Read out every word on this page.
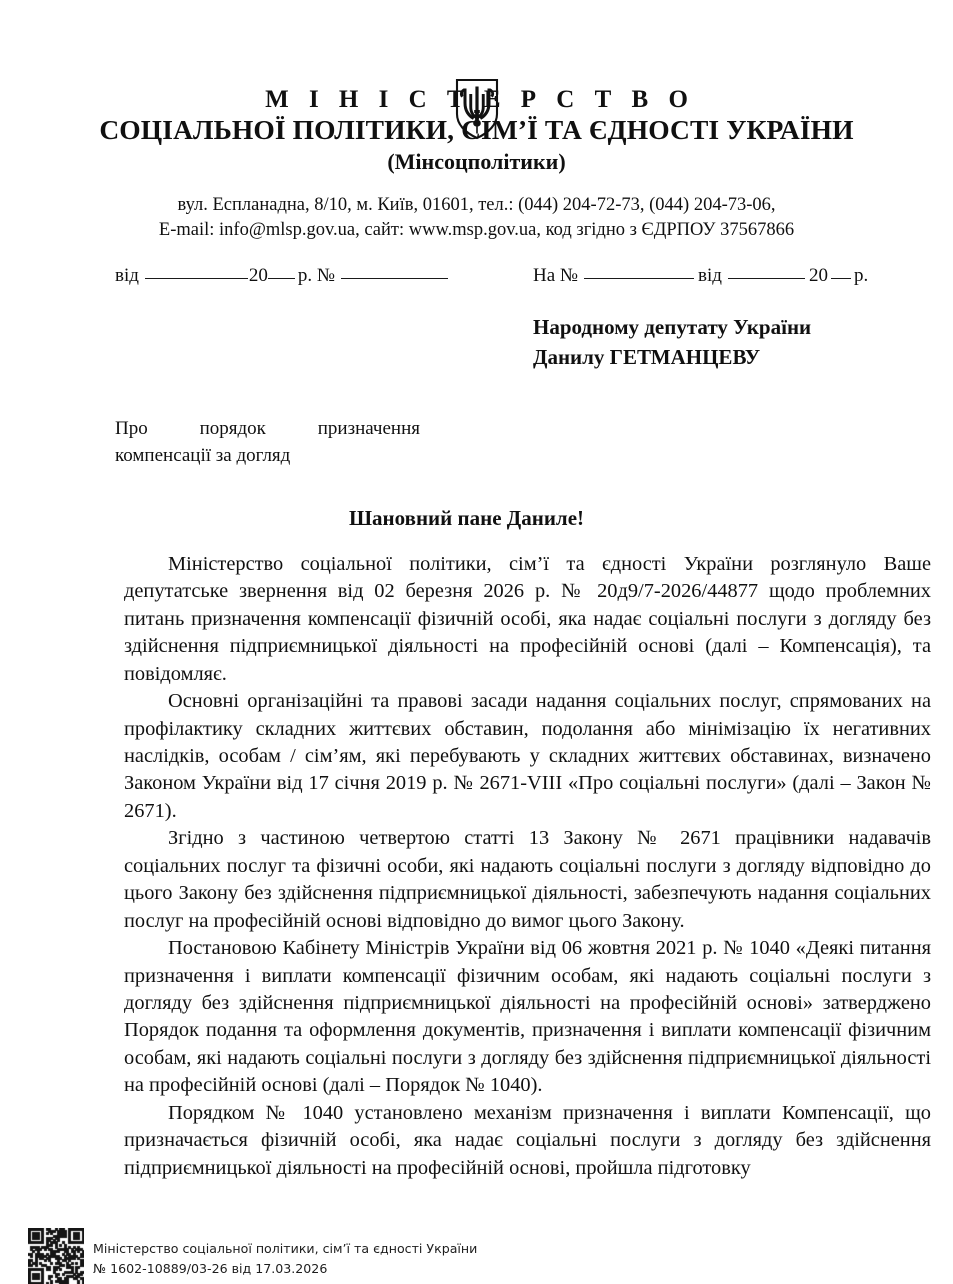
М І Н І С Т Е Р С Т В О
СОЦІАЛЬНОЇ ПОЛІТИКИ, СІМ’Ї ТА ЄДНОСТІ УКРАЇНИ
(Мінсоцполітики)
вул. Еспланадна, 8/10, м. Київ, 01601, тел.: (044) 204-72-73, (044) 204-73-06,
E-mail: info@mlsp.gov.ua, сайт: www.msp.gov.ua, код згідно з ЄДРПОУ 37567866
від	20 р. №	На №	від	20 р.
Народному депутату України
Данилу ГЕТМАНЦЕВУ
Про порядок призначення
компенсації за догляд
Шановний пане Даниле!

Міністерство соціальної політики, сім’ї та єдності України розглянуло Ваше депутатське звернення від 02 березня 2026 р. № 20д9/7-2026/44877 щодо проблемних питань призначення компенсації фізичній особі, яка надає соціальні послуги з догляду без здійснення підприємницької діяльності на професійній основі (далі – Компенсація), та повідомляє.

Основні організаційні та правові засади надання соціальних послуг, спрямованих на профілактику складних життєвих обставин, подолання або мінімізацію їх негативних наслідків, особам / сім’ям, які перебувають у складних життєвих обставинах, визначено Законом України від 17 січня 2019 р. № 2671-VIII «Про соціальні послуги» (далі – Закон № 2671).

Згідно з частиною четвертою статті 13 Закону № 2671 працівники надавачів соціальних послуг та фізичні особи, які надають соціальні послуги з догляду відповідно до цього Закону без здійснення підприємницької діяльності, забезпечують надання соціальних послуг на професійній основі відповідно до вимог цього Закону.

Постановою Кабінету Міністрів України від 06 жовтня 2021 р. № 1040 «Деякі питання призначення і виплати компенсації фізичним особам, які надають соціальні послуги з догляду без здійснення підприємницької діяльності на професійній основі» затверджено Порядок подання та оформлення документів, призначення і виплати компенсації фізичним особам, які надають соціальні послуги з догляду без здійснення підприємницької діяльності на професійній основі (далі – Порядок № 1040).

Порядком № 1040 установлено механізм призначення і виплати Компенсації, що призначається фізичній особі, яка надає соціальні послуги з догляду без здійснення підприємницької діяльності на професійній основі, пройшла підготовку

Міністерство соціальної політики, сім’ї та єдності України
№ 1602-10889/03-26 від 17.03.2026
